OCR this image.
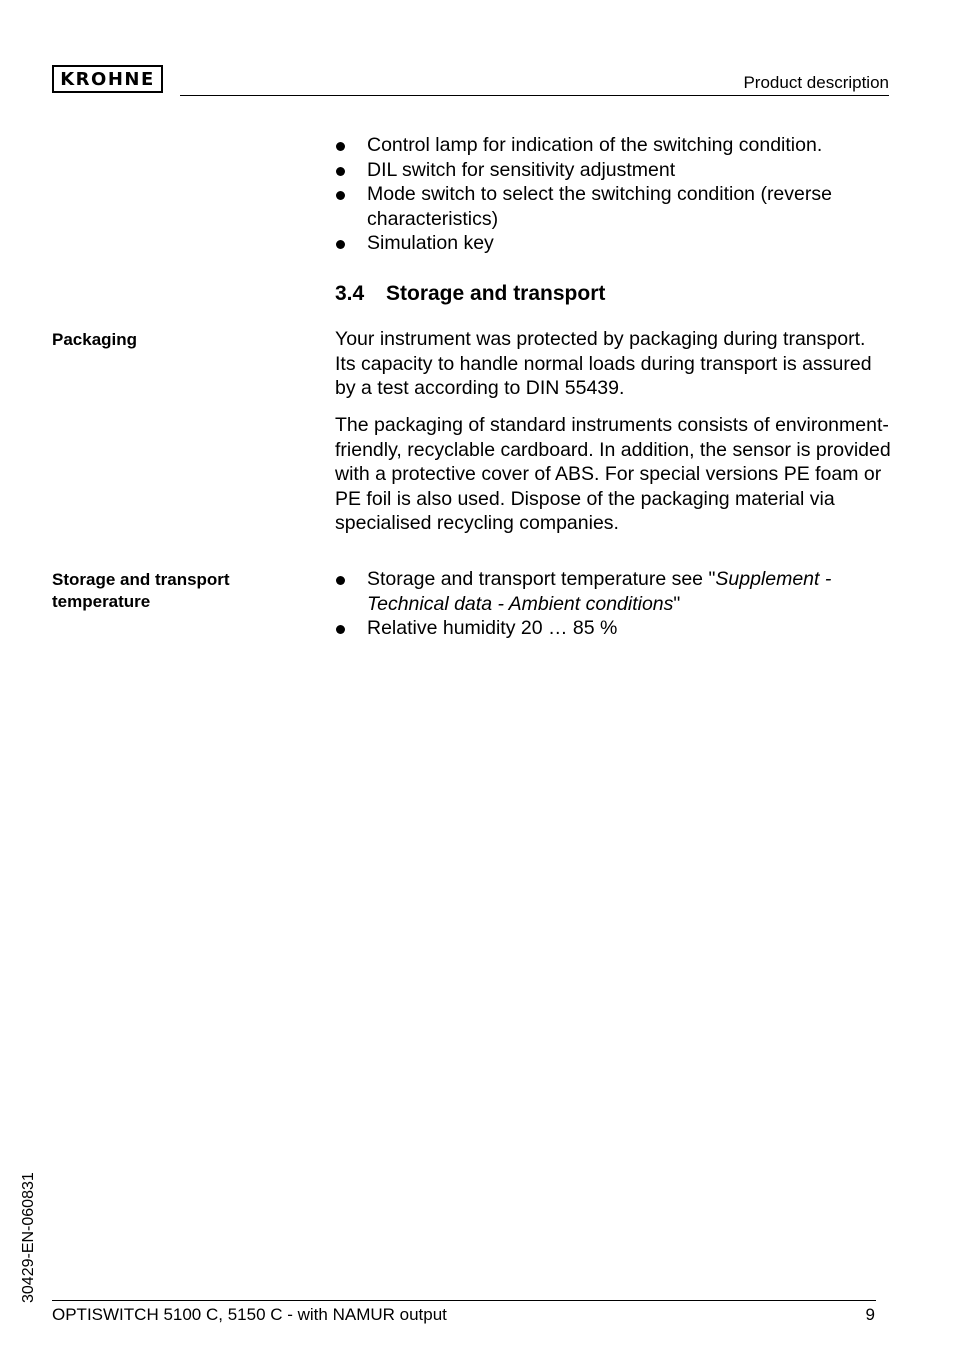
KROHNE	Product description
Control lamp for indication of the switching condition.
DIL switch for sensitivity adjustment
Mode switch to select the switching condition (reverse characteristics)
Simulation key
3.4 Storage and transport
Packaging	Your instrument was protected by packaging during transport. Its capacity to handle normal loads during transport is assured by a test according to DIN 55439.

The packaging of standard instruments consists of environment-friendly, recyclable cardboard. In addition, the sensor is provided with a protective cover of ABS. For special versions PE foam or PE foil is also used. Dispose of the packaging material via specialised recycling companies.

Storage and transport temperature
Storage and transport temperature see "Supplement - Technical data - Ambient conditions"
Relative humidity 20 … 85 %
30429-EN-060831
OPTISWITCH 5100 C, 5150 C - with NAMUR output	9
